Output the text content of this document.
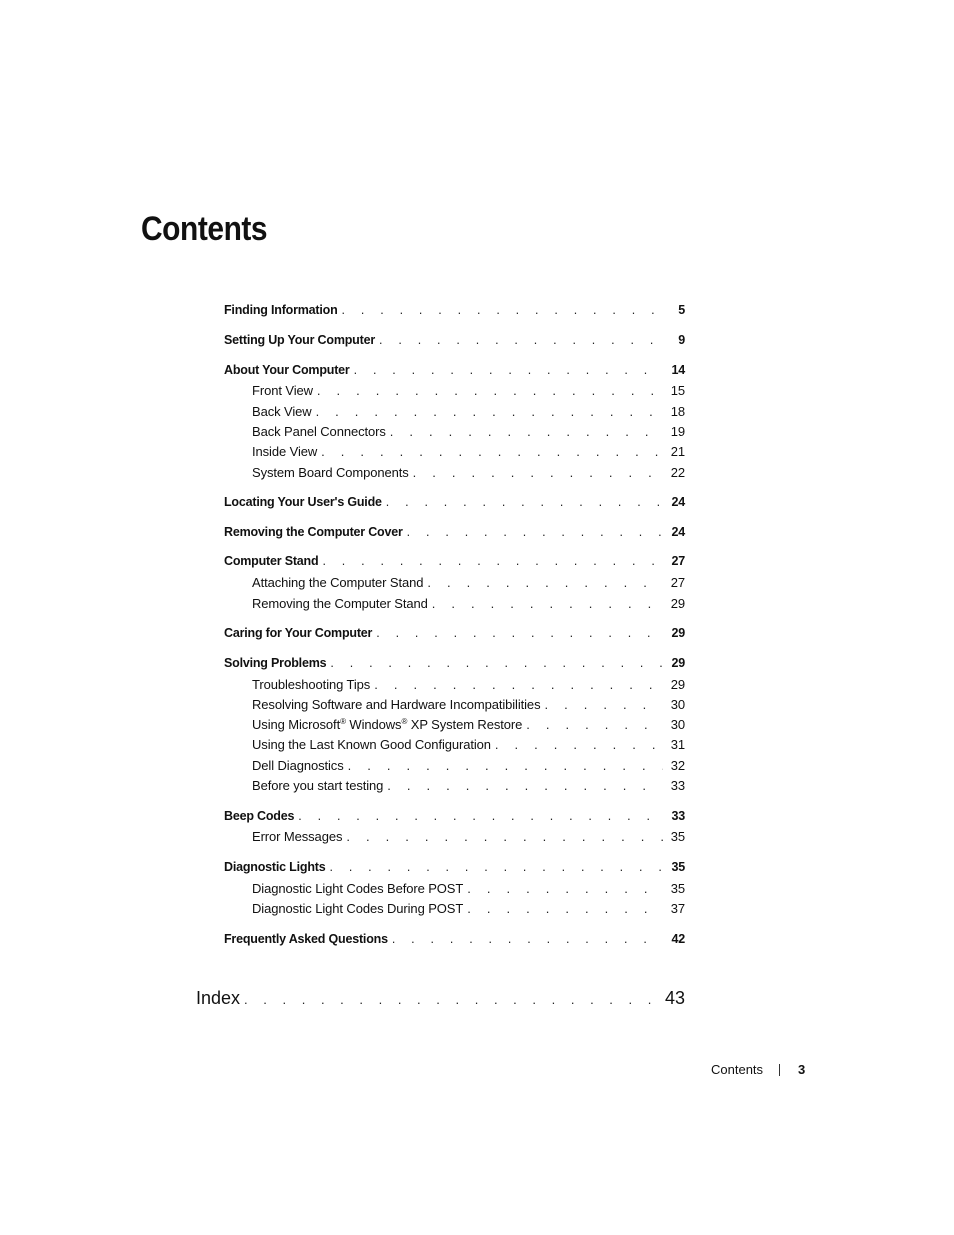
Contents
Finding Information . . .	5
Setting Up Your Computer . . .	9
About Your Computer . . .	14
Front View . . .	15
Back View . . .	18
Back Panel Connectors . . .	19
Inside View . . .	21
System Board Components . . .	22
Locating Your User's Guide . . .	24
Removing the Computer Cover . . .	24
Computer Stand . . .	27
Attaching the Computer Stand . . .	27
Removing the Computer Stand . . .	29
Caring for Your Computer . . .	29
Solving Problems . . .	29
Troubleshooting Tips . . .	29
Resolving Software and Hardware Incompatibilities . . .	30
Using Microsoft® Windows® XP System Restore . . .	30
Using the Last Known Good Configuration . . .	31
Dell Diagnostics . . .	32
Before you start testing . . .	33
Beep Codes . . .	33
Error Messages . . .	35
Diagnostic Lights . . .	35
Diagnostic Light Codes Before POST . . .	35
Diagnostic Light Codes During POST . . .	37
Frequently Asked Questions . . .	42
Index . . .	43
Contents	3
